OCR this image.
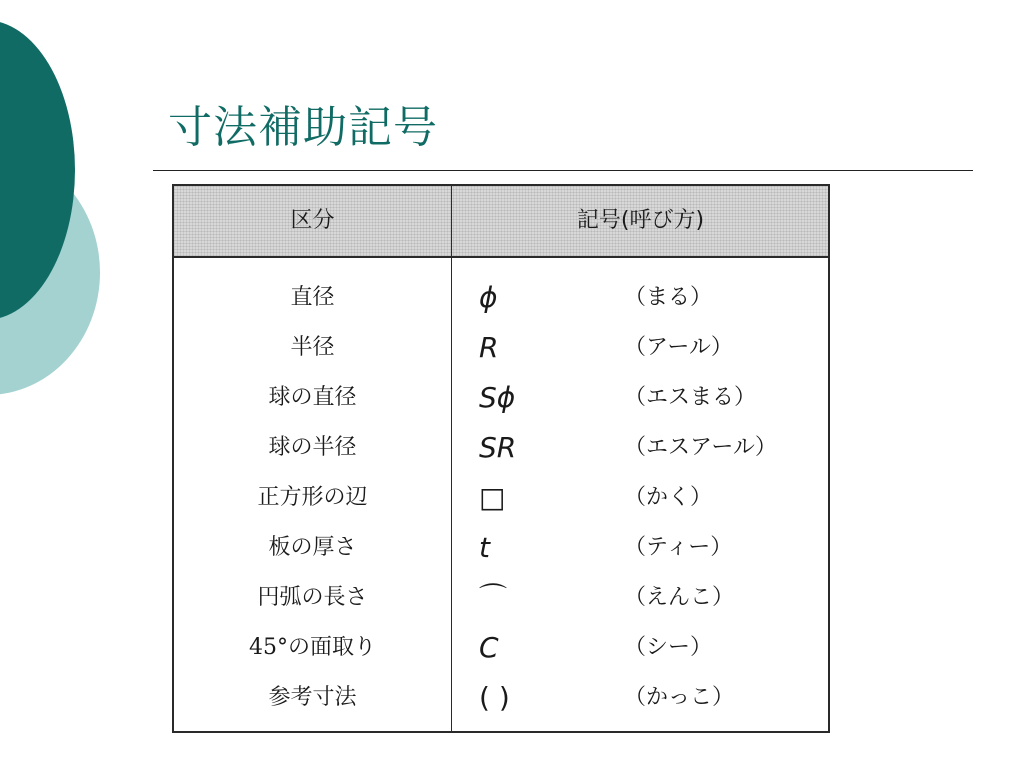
寸法補助記号
区分	記号(呼び方)
直径	ϕ	（まる）
半径	R	（アール）
球の直径	Sϕ	（エスまる）
球の半径	SR	（エスアール）
正方形の辺	□	（かく）
板の厚さ	t	（ティー）
円弧の長さ	⌒	（えんこ）
45°の面取り	C	（シー）
参考寸法	( )	（かっこ）
